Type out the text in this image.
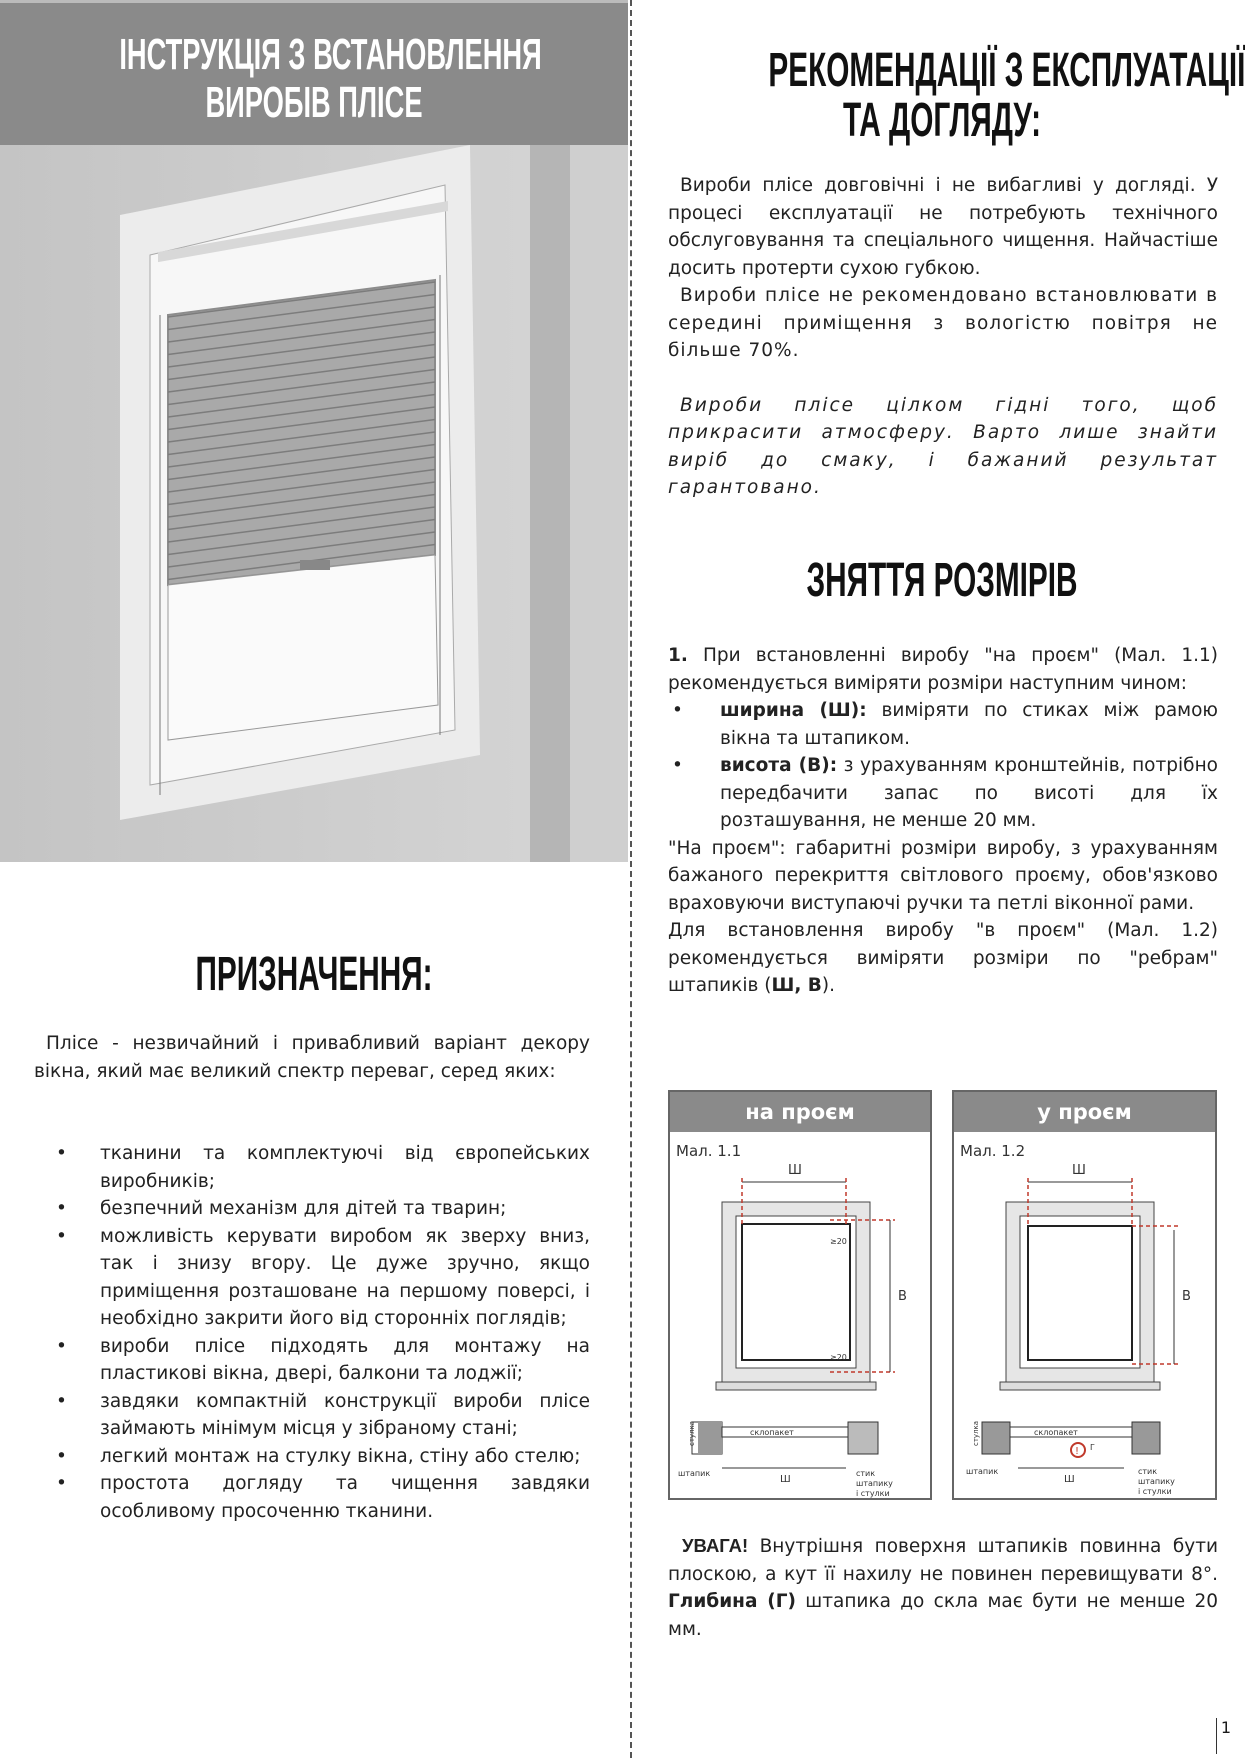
ІНСТРУКЦІЯ З ВСТАНОВЛЕННЯ
ВИРОБІВ ПЛІСЕ
ПРИЗНАЧЕННЯ:

Плісе - незвичайний і привабливий варіант декору вікна, який має великий спектр переваг, серед яких:

• тканини та комплектуючі від європейських виробників;
• безпечний механізм для дітей та тварин;
• можливість керувати виробом як зверху вниз, так і знизу вгору. Це дуже зручно, якщо приміщення розташоване на першому поверсі, і необхідно закрити його від сторонніх поглядів;
• вироби плісе підходять для монтажу на пластикові вікна, двері, балкони та лоджії;
• завдяки компактній конструкції вироби плісе займають мінімум місця у зібраному стані;
• легкий монтаж на стулку вікна, стіну або стелю;
• простота догляду та чищення завдяки особливому просоченню тканини.
РЕКОМЕНДАЦІЇ З ЕКСПЛУАТАЦІЇ
ТА ДОГЛЯДУ:

Вироби плісе довговічні і не вибагливі у догляді. У процесі експлуатації не потребують технічного обслуговування та спеціального чищення. Найчастіше досить протерти сухою губкою.

Вироби плісе не рекомендовано встановлювати в середині приміщення з вологістю повітря не більше 70%.

Вироби плісе цілком гідні того, щоб прикрасити атмосферу. Варто лише знайти виріб до смаку, і бажаний результат гарантовано.

ЗНЯТТЯ РОЗМІРІВ

1. При встановленні виробу "на проєм" (Мал. 1.1) рекомендується виміряти розміри наступним чином:

• ширина (Ш): виміряти по стиках між рамою вікна та штапиком.
• висота (В): з урахуванням кронштейнів, потрібно передбачити запас по висоті для їх розташування, не менше 20 мм.

"На проєм": габаритні розміри виробу, з урахуванням бажаного перекриття світлового проєму, обов'язково враховуючи виступаючі ручки та петлі віконної рами.

Для встановлення виробу "в проєм" (Мал. 1.2) рекомендується виміряти розміри по "ребрам" штапиків (Ш, В).

на проєм
Мал. 1.1
Ш
В
≥20
≥20
склопакет
стулка
штапик
Ш
стик
штапику
і стулки
у проєм
Мал. 1.2
Ш
В
склопакет
! Г
стулка
штапик
Ш
стик
штапику
і стулки

УВАГА! Внутрішня поверхня штапиків повинна бути плоскою, а кут її нахилу не повинен перевищувати 8°. Глибина (Г) штапика до скла має бути не менше 20 мм.

1
